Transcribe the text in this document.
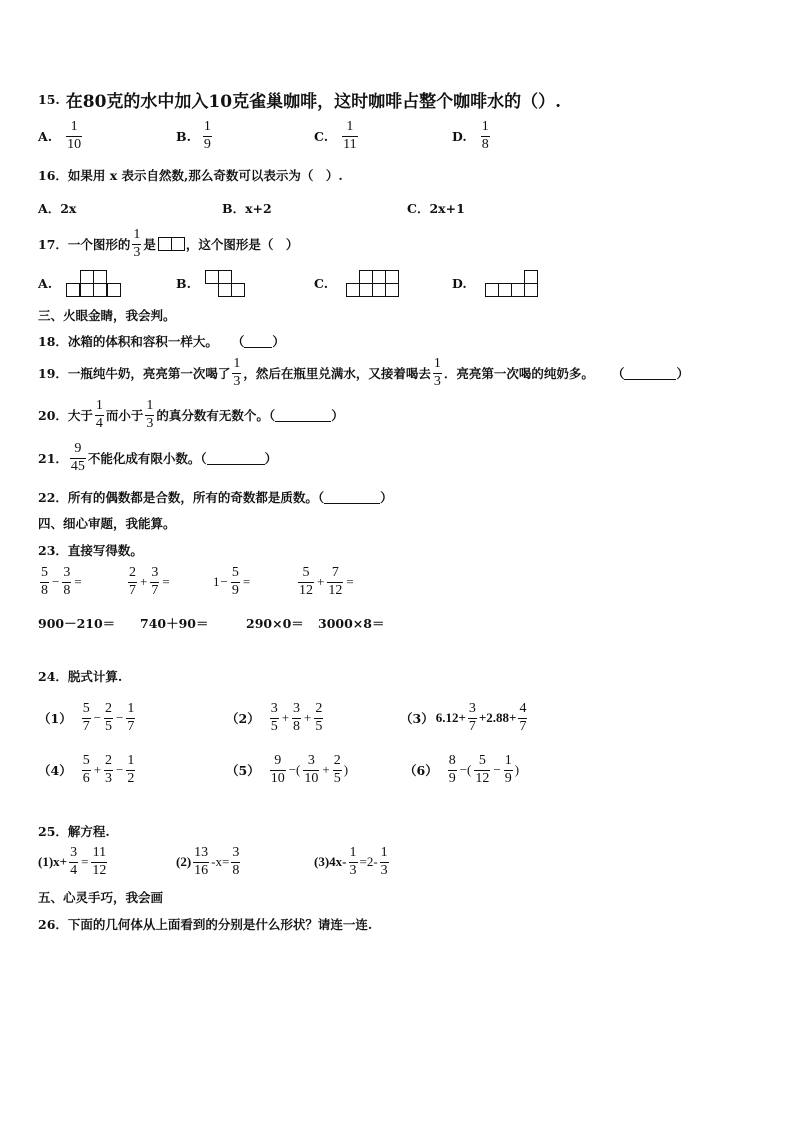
15. 在80克的水中加入10克雀巢咖啡，这时咖啡占整个咖啡水的（）.
A. $\frac{1}{10}$	B. $\frac{1}{9}$	C. $\frac{1}{11}$	D. $\frac{1}{8}$
16．如果用 x 表示自然数,那么奇数可以表示为（　）.
A．2x	B．x+2	C．2x+1
17．一个图形的 $\frac{1}{3}$ 是 ，这个图形是（　）
A.	B.	C.	D.
三、火眼金睛，我会判。
18．冰箱的体积和容积一样大。 （ ）
19．一瓶纯牛奶，亮亮第一次喝了 $\frac{1}{3}$ ，然后在瓶里兑满水，又接着喝去 $\frac{1}{3}$ ．亮亮第一次喝的纯奶多。 （	）
20．大于 $\frac{1}{4}$ 而小于 $\frac{1}{3}$ 的真分数有无数个。（	）
21． $\frac{9}{45}$ 不能化成有限小数。（	）
22．所有的偶数都是合数，所有的奇数都是质数。（	）
四、细心审题，我能算。
23．直接写得数。
$\frac{5}{8} - \frac{3}{8}$ =	$\frac{2}{7} + \frac{3}{7}$ =	$1 - \frac{5}{9}$ =	$\frac{5}{12} + \frac{7}{12}$ =
900－210＝	740＋90＝	290×0＝	3000×8＝
24．脱式计算.
$(1) \frac{5}{7} - \frac{2}{5} - \frac{1}{7}$	$(2) \frac{3}{5} + \frac{3}{8} + \frac{2}{5}$	（3） $6.12+ \frac{3}{7} +2.88+ \frac{4}{7}$
$(4) \frac{5}{6} + \frac{2}{3} - \frac{1}{2}$	$(5) \frac{9}{10}$ −( $\frac{3}{10} + \frac{2}{5}$ )	$(6) \frac{8}{9}$ −( $\frac{5}{12} - \frac{1}{9}$ )
25．解方程.
$(1)x+ \frac{3}{4} = \frac{11}{12}$	$(2) \frac{13}{16} -x= \frac{3}{8}$	$(3)4x- \frac{1}{3} =2- \frac{1}{3}$
五、心灵手巧，我会画
26．下面的几何体从上面看到的分别是什么形状？请连一连.
